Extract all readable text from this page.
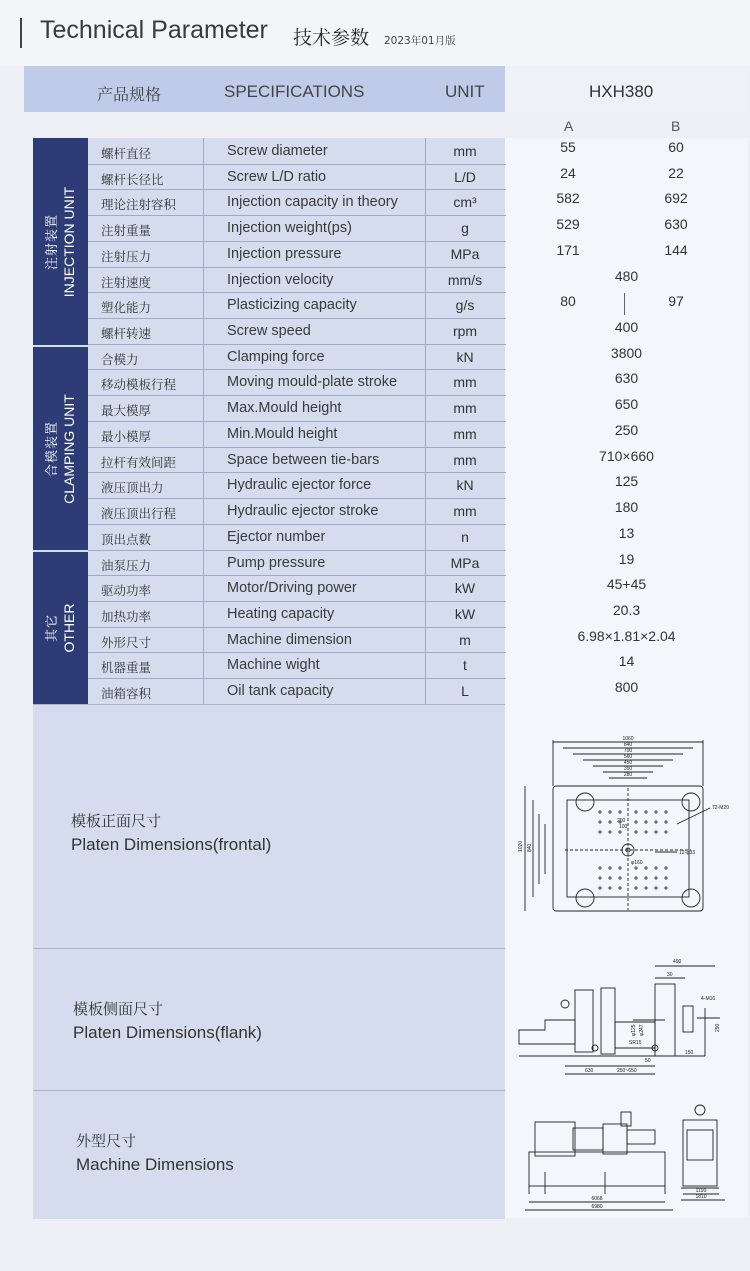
Technical Parameter 技术参数 2023年01月版
产品规格	SPECIFICATIONS	UNIT	HXH380
A	B
注射装置 INJECTION UNIT
合模装置 CLAMPING UNIT
其它 OTHER
螺杆直径	Screw diameter	mm	55	60
螺杆长径比	Screw L/D ratio	L/D	24	22
理论注射容积	Injection capacity in theory	cm³	582	692
注射重量	Injection weight(ps)	g	529	630
注射压力	Injection pressure	MPa	171	144
注射速度	Injection velocity	mm/s	480
塑化能力	Plasticizing capacity	g/s	80	97
螺杆转速	Screw speed	rpm	400
合模力	Clamping force	kN	3800
移动模板行程	Moving mould-plate stroke	mm	630
最大模厚	Max.Mould height	mm	650
最小模厚	Min.Mould height	mm	250
拉杆有效间距	Space between tie-bars	mm	710×660
液压顶出力	Hydraulic ejector force	kN	125
液压顶出行程	Hydraulic ejector stroke	mm	180
顶出点数	Ejector number	n	13
油泵压力	Pump pressure	MPa	19
驱动功率	Motor/Driving power	kW	45+45
加热功率	Heating capacity	kW	20.3
外形尺寸	Machine dimension	m	6.98×1.81×2.04
机器重量	Machine wight	t	14
油箱容积	Oil tank capacity	L	800
模板正面尺寸
Platen Dimensions(frontal)
1060
840
700
560
450
350
280
1020 840
200
100
φ160
72-M20
12-φ33
模板侧面尺寸
Platen Dimensions(flank)
490
30
4-M16
290
φ125 φ247
SR15
150
50
630	250~650
外型尺寸
Machine Dimensions
6068
6980
1190
1810
